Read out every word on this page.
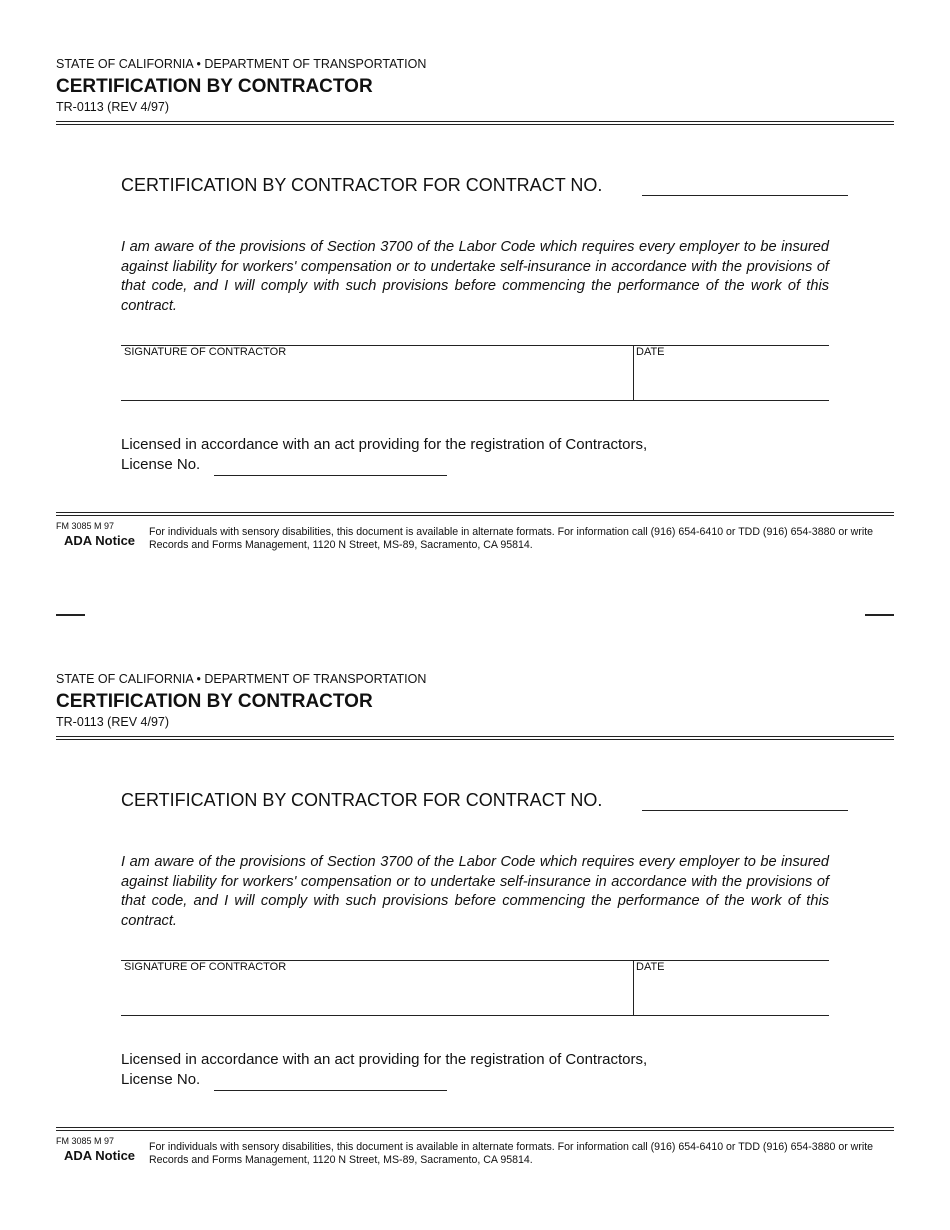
STATE OF CALIFORNIA • DEPARTMENT OF TRANSPORTATION
CERTIFICATION BY CONTRACTOR
TR-0113 (REV 4/97)
CERTIFICATION BY CONTRACTOR FOR CONTRACT NO.
I am aware of the provisions of Section 3700 of the Labor Code which requires every employer to be insured against liability for workers' compensation or to undertake self-insurance in accordance with the provisions of that code, and I will comply with such provisions before commencing the performance of the work of this contract.
SIGNATURE OF CONTRACTOR	DATE
Licensed in accordance with an act providing for the registration of Contractors,
License No.
FM 3085 M 97
ADA Notice
For individuals with sensory disabilities, this document is available in alternate formats. For information call (916) 654-6410 or TDD (916) 654-3880 or write Records and Forms Management, 1120 N Street, MS-89, Sacramento, CA 95814.
STATE OF CALIFORNIA • DEPARTMENT OF TRANSPORTATION
CERTIFICATION BY CONTRACTOR
TR-0113 (REV 4/97)
CERTIFICATION BY CONTRACTOR FOR CONTRACT NO.
I am aware of the provisions of Section 3700 of the Labor Code which requires every employer to be insured against liability for workers' compensation or to undertake self-insurance in accordance with the provisions of that code, and I will comply with such provisions before commencing the performance of the work of this contract.
SIGNATURE OF CONTRACTOR	DATE
Licensed in accordance with an act providing for the registration of Contractors,
License No.
FM 3085 M 97
ADA Notice
For individuals with sensory disabilities, this document is available in alternate formats. For information call (916) 654-6410 or TDD (916) 654-3880 or write Records and Forms Management, 1120 N Street, MS-89, Sacramento, CA 95814.
